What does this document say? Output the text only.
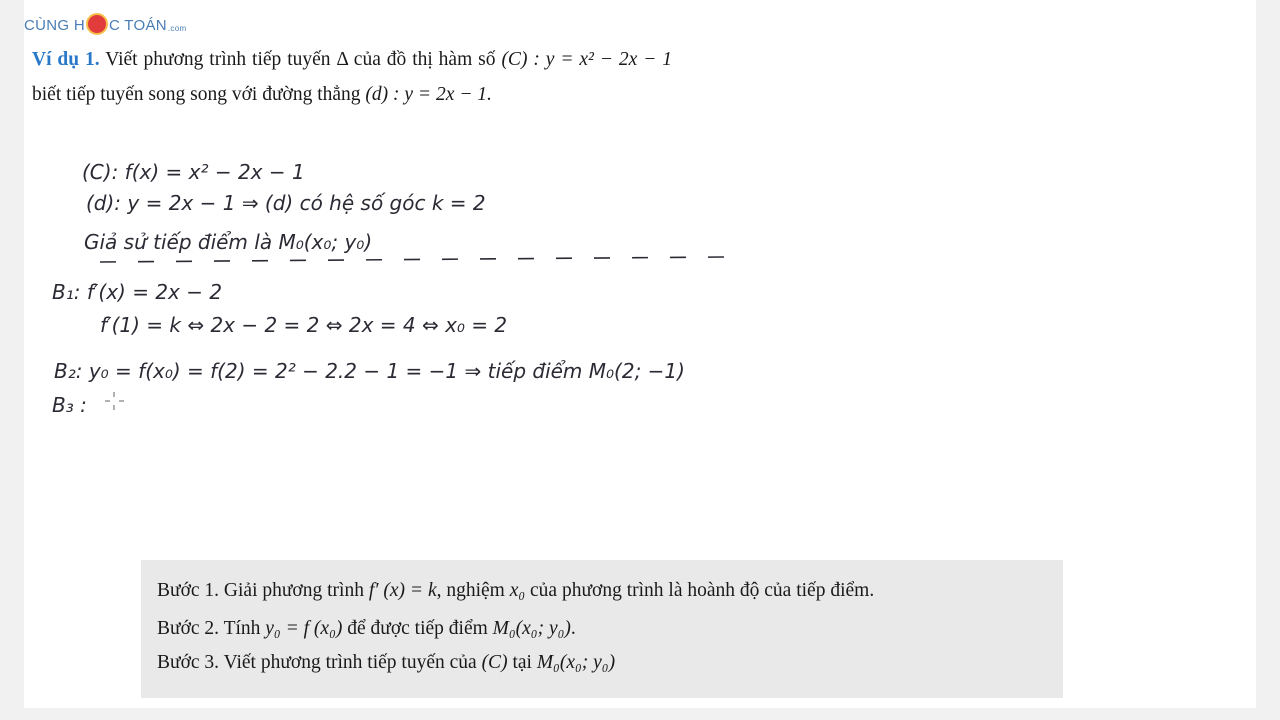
CÙNG H C TOÁN .com
Ví dụ 1. Viết phương trình tiếp tuyến Δ của đồ thị hàm số (C) : y = x² − 2x − 1 biết tiếp tuyến song song với đường thẳng (d) : y = 2x − 1.
(C): f(x) = x² − 2x − 1
(d): y = 2x − 1 ⇒ (d) có hệ số góc k = 2
Giả sử tiếp điểm là M₀(x₀; y₀)
B₁: f′(x) = 2x − 2
f′(1) = k ⇔ 2x − 2 = 2 ⇔ 2x = 4 ⇔ x₀ = 2
B₂: y₀ = f(x₀) = f(2) = 2² − 2.2 − 1 = −1 ⇒ tiếp điểm M₀(2; −1)
B₃ :
Bước 1. Giải phương trình f′ (x) = k, nghiệm x₀ của phương trình là hoành độ của tiếp điểm.
Bước 2. Tính y₀ = f (x₀) để được tiếp điểm M₀(x₀; y₀).
Bước 3. Viết phương trình tiếp tuyến của (C) tại M₀(x₀; y₀)
